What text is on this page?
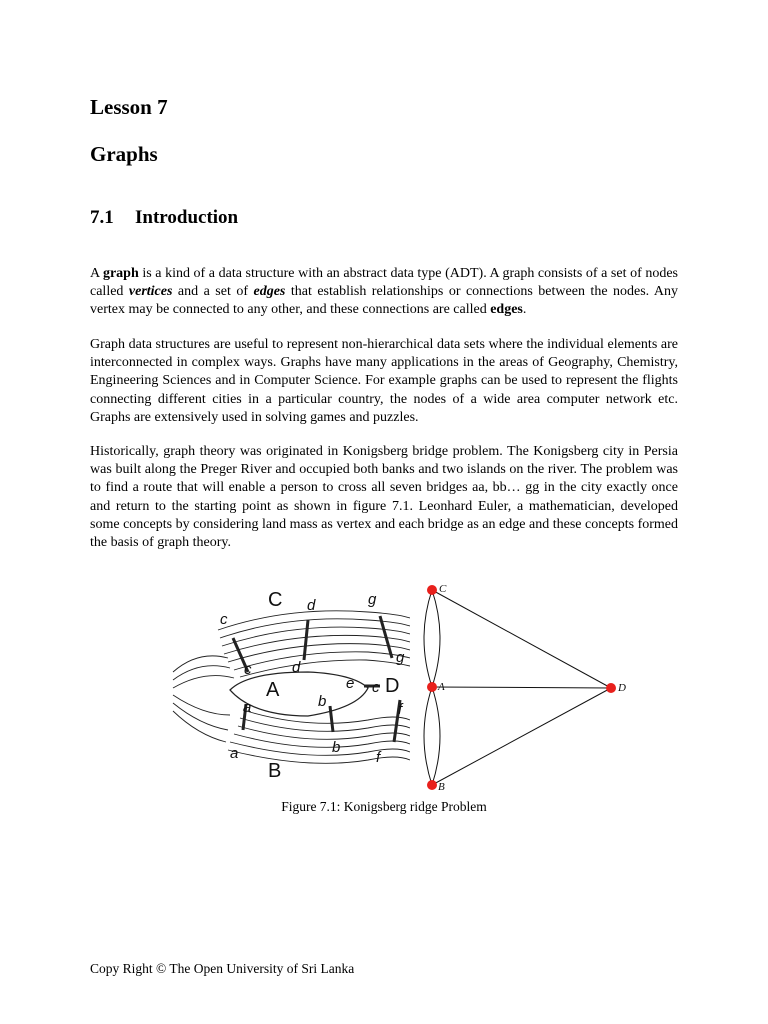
Lesson 7
Graphs
7.1 Introduction

A graph is a kind of a data structure with an abstract data type (ADT). A graph consists of a set of nodes called vertices and a set of edges that establish relationships or connections between the nodes. Any vertex may be connected to any other, and these connections are called edges.

Graph data structures are useful to represent non-hierarchical data sets where the individual elements are interconnected in complex ways. Graphs have many applications in the areas of Geography, Chemistry, Engineering Sciences and in Computer Science. For example graphs can be used to represent the flights connecting different cities in a particular country, the nodes of a wide area computer network etc. Graphs are extensively used in solving games and puzzles.

Historically, graph theory was originated in Konigsberg bridge problem. The Konigsberg city in Persia was built along the Preger River and occupied both banks and two islands on the river. The problem was to find a route that will enable a person to cross all seven bridges aa, bb… gg in the city exactly once and return to the starting point as shown in figure 7.1. Leonhard Euler, a mathematician, developed some concepts by considering land mass as vertex and each bridge as an edge and these concepts formed the basis of graph theory.

C
A
B
D
c
d	g
c	d
g
e c
a	b
a	b
f
f
C
A
B
D
Figure 7.1: Konigsberg ridge Problem
Copy Right © The Open University of Sri Lanka
